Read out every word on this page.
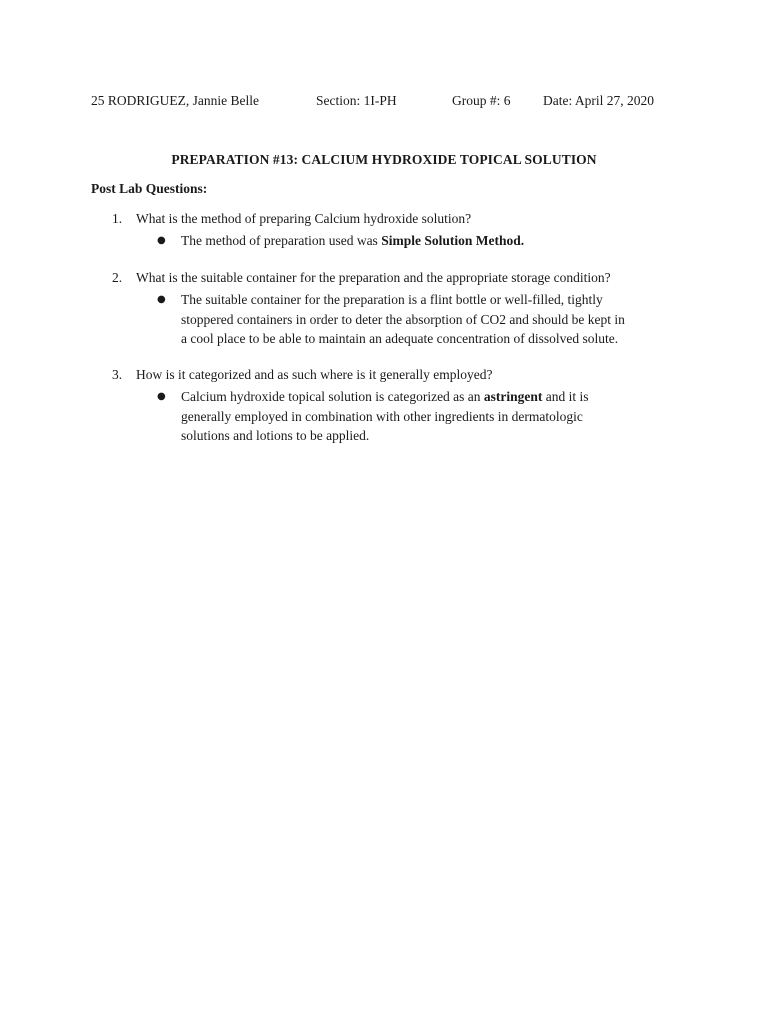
25 RODRIGUEZ, Jannie Belle	Section: 1I-PH	Group #: 6 Date: April 27, 2020
PREPARATION #13: CALCIUM HYDROXIDE TOPICAL SOLUTION
Post Lab Questions:
1. What is the method of preparing Calcium hydroxide solution?
● The method of preparation used was Simple Solution Method.
2. What is the suitable container for the preparation and the appropriate storage condition?
● The suitable container for the preparation is a flint bottle or well-filled, tightly
stoppered containers in order to deter the absorption of CO2 and should be kept in
a cool place to be able to maintain an adequate concentration of dissolved solute.
3. How is it categorized and as such where is it generally employed?
● Calcium hydroxide topical solution is categorized as an astringent and it is
generally employed in combination with other ingredients in dermatologic
solutions and lotions to be applied.
